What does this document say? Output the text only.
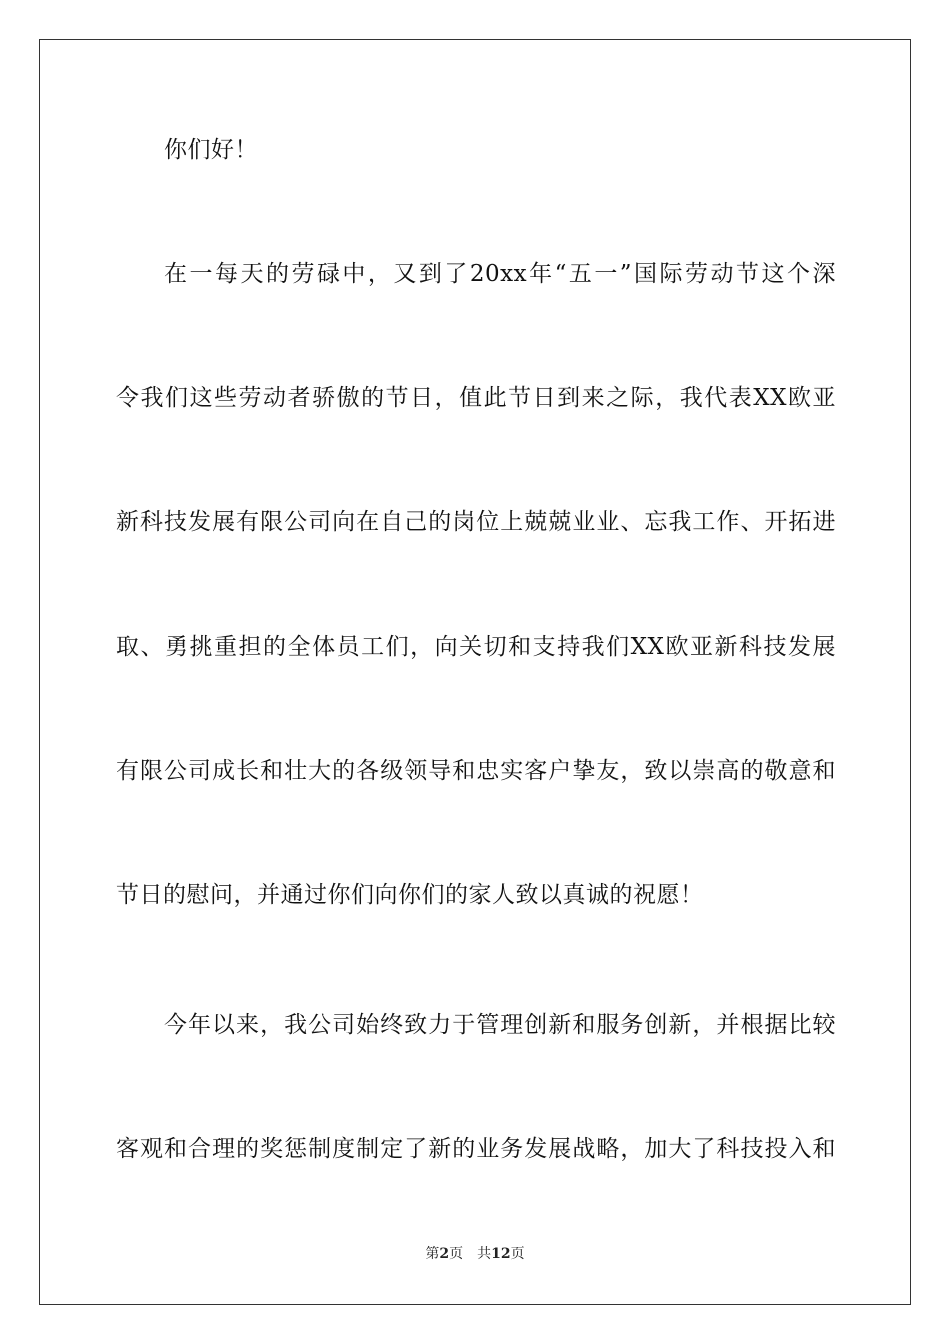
你们好！
在一每天的劳碌中，又到了20xx年“五一”国际劳动节这个深
令我们这些劳动者骄傲的节日，值此节日到来之际，我代表XX欧亚
新科技发展有限公司向在自己的岗位上兢兢业业、忘我工作、开拓进
取、勇挑重担的全体员工们，向关切和支持我们XX欧亚新科技发展
有限公司成长和壮大的各级领导和忠实客户挚友，致以崇高的敬意和
节日的慰问，并通过你们向你们的家人致以真诚的祝愿！
今年以来，我公司始终致力于管理创新和服务创新，并根据比较
客观和合理的奖惩制度制定了新的业务发展战略，加大了科技投入和
第2页 共12页
